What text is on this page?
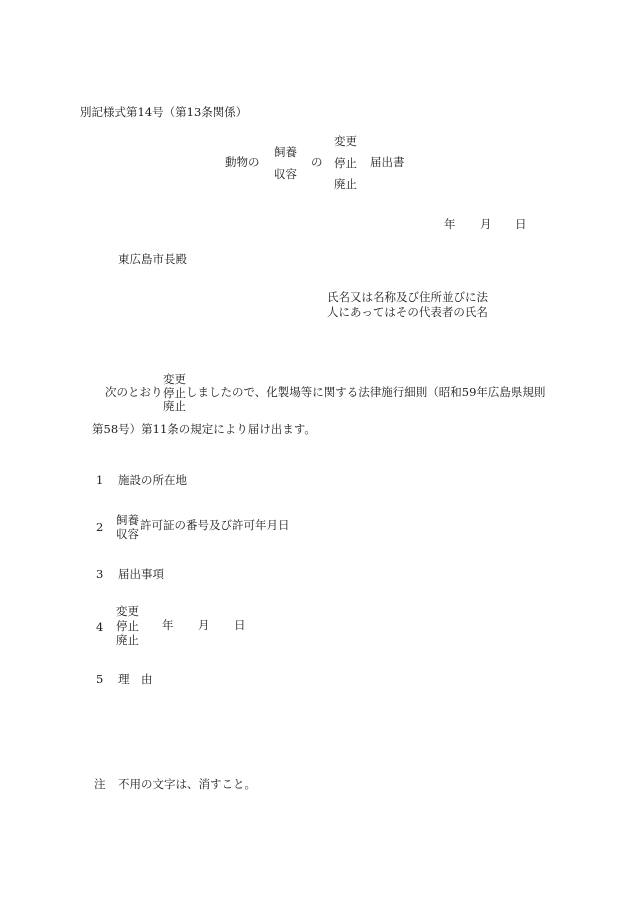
別記様式第14号（第13条関係）
動物の
飼養
収容
の
変更
停止
廃止
届出書
年 月 日
東広島市長殿
氏名又は名称及び住所並びに法
人にあってはその代表者の氏名
次のとおり
変更
停止
廃止
しましたので、化製場等に関する法律施行細則（昭和59年広島県規則
第58号）第11条の規定により届け出ます。
1 施設の所在地
2 飼養
収容
許可証の番号及び許可年月日
3 届出事項
4
変更
停止
廃止
年 月 日
5 理　由
注 不用の文字は、消すこと。
